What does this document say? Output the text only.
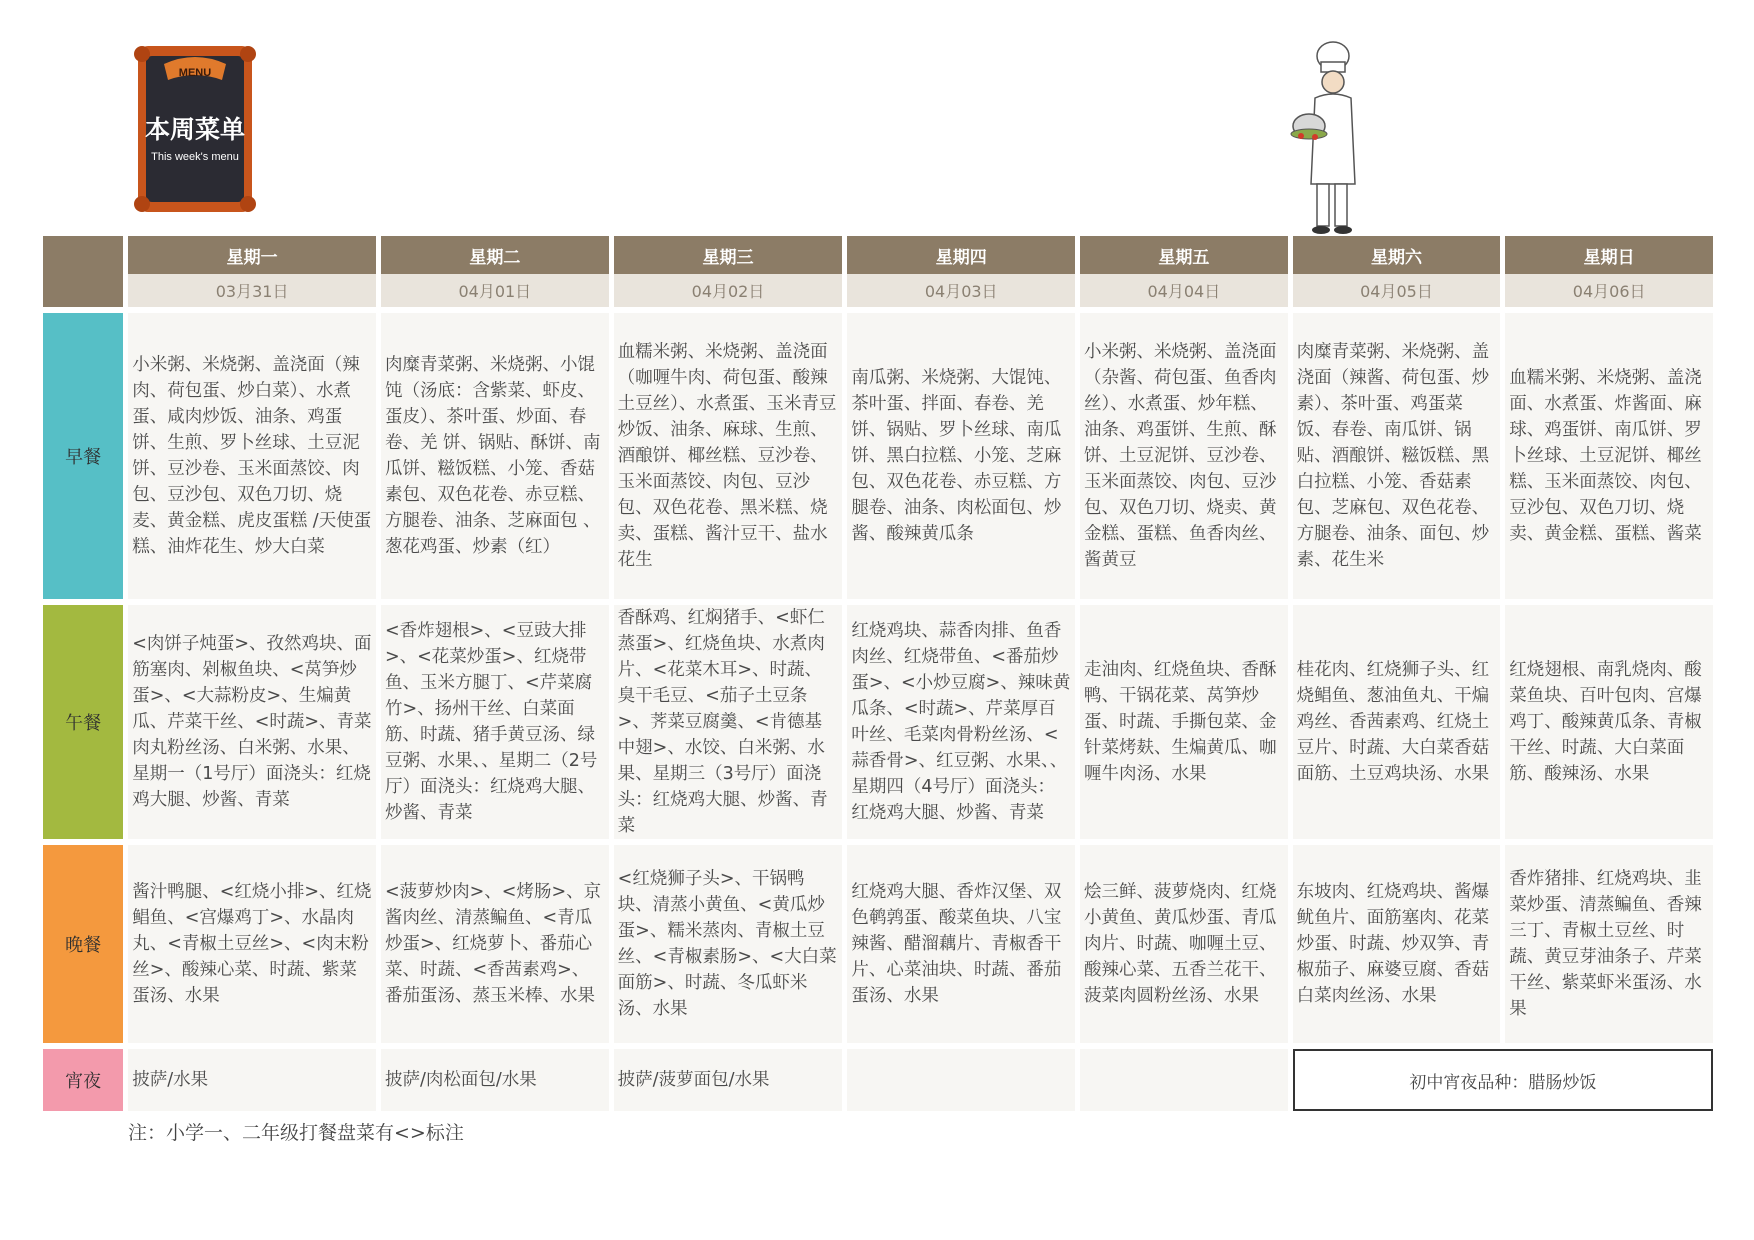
MENU
本周菜单
This week's menu
	星期一	星期二	星期三	星期四	星期五	星期六	星期日
	03月31日	04月01日	04月02日	04月03日	04月04日	04月05日	04月06日

早餐	小米粥、米烧粥、盖浇面（辣肉、荷包蛋、炒白菜）、水煮蛋、咸肉炒饭、油条、鸡蛋饼、生煎、罗卜丝球、土豆泥饼、豆沙卷、玉米面蒸饺、肉包、豆沙包、双色刀切、烧麦、黄金糕、虎皮蛋糕 /天使蛋糕、油炸花生、炒大白菜	肉糜青菜粥、米烧粥、小馄饨（汤底：含紫菜、虾皮、蛋皮）、茶叶蛋、炒面、春卷、羌 饼、锅贴、酥饼、南瓜饼、糍饭糕、小笼、香菇素包、双色花卷、赤豆糕、方腿卷、油条、芝麻面包 、葱花鸡蛋、炒素（红）	血糯米粥、米烧粥、盖浇面（咖喱牛肉、荷包蛋、酸辣土豆丝）、水煮蛋、玉米青豆炒饭、油条、麻球、生煎、酒酿饼、椰丝糕、豆沙卷、玉米面蒸饺、肉包、豆沙包、双色花卷、黑米糕、烧卖、蛋糕、酱汁豆干、盐水花生	南瓜粥、米烧粥、大馄饨、茶叶蛋、拌面、春卷、羌饼、锅贴、罗卜丝球、南瓜饼、黑白拉糕、小笼、芝麻包、双色花卷、赤豆糕、方腿卷、油条、肉松面包、炒酱、酸辣黄瓜条	小米粥、米烧粥、盖浇面（杂酱、荷包蛋、鱼香肉丝）、水煮蛋、炒年糕、油条、鸡蛋饼、生煎、酥饼、土豆泥饼、豆沙卷、玉米面蒸饺、肉包、豆沙包、双色刀切、烧卖、黄金糕、蛋糕、鱼香肉丝、酱黄豆	肉糜青菜粥、米烧粥、盖浇面（辣酱、荷包蛋、炒素）、茶叶蛋、鸡蛋菜饭、春卷、南瓜饼、锅贴、酒酿饼、糍饭糕、黑白拉糕、小笼、香菇素包、芝麻包、双色花卷、方腿卷、油条、面包、炒素、花生米	血糯米粥、米烧粥、盖浇面、水煮蛋、炸酱面、麻球、鸡蛋饼、南瓜饼、罗卜丝球、土豆泥饼、椰丝糕、玉米面蒸饺、肉包、豆沙包、双色刀切、烧卖、黄金糕、蛋糕、酱菜

午餐	<肉饼子炖蛋>、孜然鸡块、面筋塞肉、剁椒鱼块、<莴笋炒蛋>、<大蒜粉皮>、生煸黄瓜、芹菜干丝、<时蔬>、青菜肉丸粉丝汤、白米粥、水果、星期一（1号厅）面浇头：红烧鸡大腿、炒酱、青菜	<香炸翅根>、<豆豉大排>、<花菜炒蛋>、红烧带鱼、玉米方腿丁、<芹菜腐竹>、扬州干丝、白菜面筋、时蔬、猪手黄豆汤、绿豆粥、水果、、星期二（2号厅）面浇头：红烧鸡大腿、炒酱、青菜	香酥鸡、红焖猪手、<虾仁蒸蛋>、红烧鱼块、水煮肉片、<花菜木耳>、时蔬、臭干毛豆、<茄子土豆条>、荠菜豆腐羹、<肯德基中翅>、水饺、白米粥、水果、星期三（3号厅）面浇头：红烧鸡大腿、炒酱、青菜	红烧鸡块、蒜香肉排、鱼香肉丝、红烧带鱼、<番茄炒蛋>、<小炒豆腐>、辣味黄瓜条、<时蔬>、芹菜厚百叶丝、毛菜肉骨粉丝汤、<蒜香骨>、红豆粥、水果、、星期四（4号厅）面浇头：红烧鸡大腿、炒酱、青菜	走油肉、红烧鱼块、香酥鸭、干锅花菜、莴笋炒蛋、时蔬、手撕包菜、金针菜烤麸、生煸黄瓜、咖喱牛肉汤、水果	桂花肉、红烧狮子头、红烧鲳鱼、葱油鱼丸、干煸鸡丝、香茜素鸡、红烧土豆片、时蔬、大白菜香菇面筋、土豆鸡块汤、水果	红烧翅根、南乳烧肉、酸菜鱼块、百叶包肉、宫爆鸡丁、酸辣黄瓜条、青椒干丝、时蔬、大白菜面筋、酸辣汤、水果

晚餐	酱汁鸭腿、<红烧小排>、红烧鲳鱼、<宫爆鸡丁>、水晶肉丸、<青椒土豆丝>、<肉末粉丝>、酸辣心菜、时蔬、紫菜蛋汤、水果	<菠萝炒肉>、<烤肠>、京酱肉丝、清蒸鳊鱼、<青瓜炒蛋>、红烧萝卜、番茄心菜、时蔬、<香茜素鸡>、番茄蛋汤、蒸玉米棒、水果	<红烧狮子头>、干锅鸭块、清蒸小黄鱼、<黄瓜炒蛋>、糯米蒸肉、青椒土豆丝、<青椒素肠>、<大白菜面筋>、时蔬、冬瓜虾米汤、水果	红烧鸡大腿、香炸汉堡、双色鹌鹑蛋、酸菜鱼块、八宝辣酱、醋溜藕片、青椒香干片、心菜油块、时蔬、番茄蛋汤、水果	烩三鲜、菠萝烧肉、红烧小黄鱼、黄瓜炒蛋、青瓜肉片、时蔬、咖喱土豆、酸辣心菜、五香兰花干、菠菜肉圆粉丝汤、水果	东坡肉、红烧鸡块、酱爆鱿鱼片、面筋塞肉、花菜炒蛋、时蔬、炒双笋、青椒茄子、麻婆豆腐、香菇白菜肉丝汤、水果	香炸猪排、红烧鸡块、韭菜炒蛋、清蒸鳊鱼、香辣三丁、青椒土豆丝、时蔬、黄豆芽油条子、芹菜干丝、紫菜虾米蛋汤、水果

宵夜	披萨/水果	披萨/肉松面包/水果	披萨/菠萝面包/水果			初中宵夜品种：腊肠炒饭	
注：小学一、二年级打餐盘菜有<>标注
